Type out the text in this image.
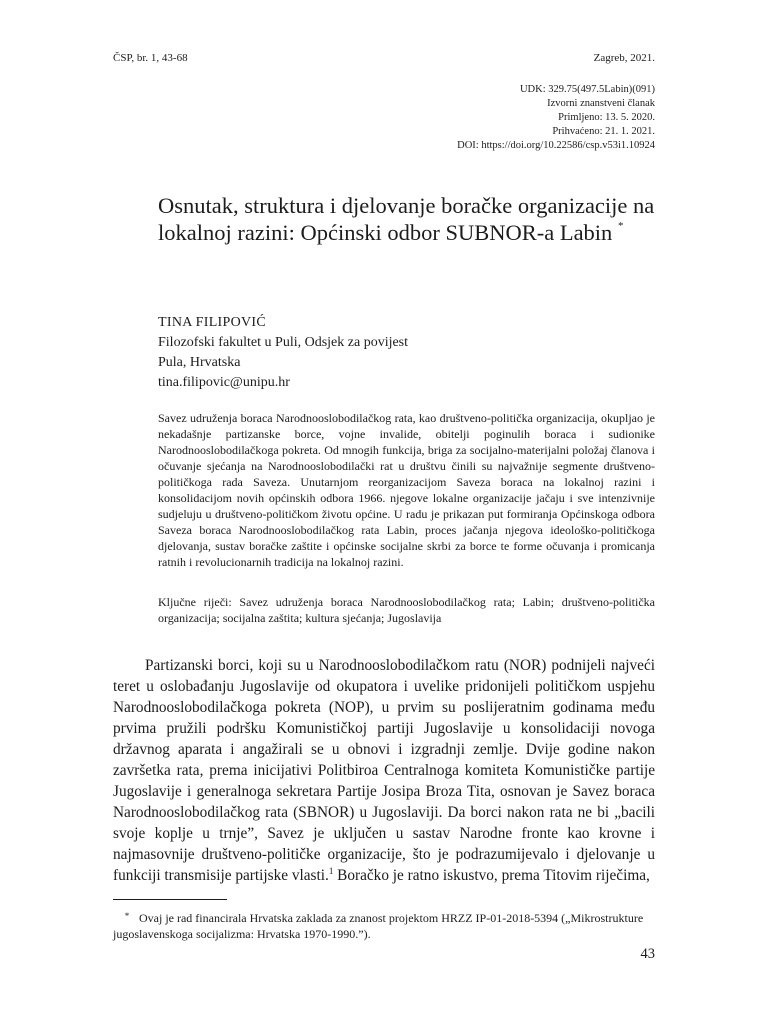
ČSP, br. 1, 43-68	Zagreb, 2021.
UDK: 329.75(497.5Labin)(091)
Izvorni znanstveni članak
Primljeno: 13. 5. 2020.
Prihvaćeno: 21. 1. 2021.
DOI: https://doi.org/10.22586/csp.v53i1.10924
Osnutak, struktura i djelovanje boračke organizacije na lokalnoj razini: Općinski odbor SUBNOR-a Labin *
TINA FILIPOVIĆ
Filozofski fakultet u Puli, Odsjek za povijest
Pula, Hrvatska
tina.filipovic@unipu.hr

Savez udruženja boraca Narodnooslobodilačkog rata, kao društveno-politička organizacija, okupljao je nekadašnje partizanske borce, vojne invalide, obitelji poginulih boraca i sudionike Narodnooslobodilačkoga pokreta. Od mnogih funkcija, briga za socijalno-materijalni položaj članova i očuvanje sjećanja na Narodnooslobodilački rat u društvu činili su najvažnije segmente društveno-političkoga rada Saveza. Unutarnjom reorganizacijom Saveza boraca na lokalnoj razini i konsolidacijom novih općinskih odbora 1966. njegove lokalne organizacije jačaju i sve intenzivnije sudjeluju u društveno-političkom životu općine. U radu je prikazan put formiranja Općinskoga odbora Saveza boraca Narodnooslobodilačkog rata Labin, proces jačanja njegova ideološko-političkoga djelovanja, sustav boračke zaštite i općinske socijalne skrbi za borce te forme očuvanja i promicanja ratnih i revolucionarnih tradicija na lokalnoj razini.

Ključne riječi: Savez udruženja boraca Narodnooslobodilačkog rata; Labin; društveno-politička organizacija; socijalna zaštita; kultura sjećanja; Jugoslavija

Partizanski borci, koji su u Narodnooslobodilačkom ratu (NOR) podnijeli najveći teret u oslobađanju Jugoslavije od okupatora i uvelike pridonijeli političkom uspjehu Narodnooslobodilačkoga pokreta (NOP), u prvim su poslijeratnim godinama među prvima pružili podršku Komunističkoj partiji Jugoslavije u konsolidaciji novoga državnog aparata i angažirali se u obnovi i izgradnji zemlje. Dvije godine nakon završetka rata, prema inicijativi Politbiroa Centralnoga komiteta Komunističke partije Jugoslavije i generalnoga sekretara Partije Josipa Broza Tita, osnovan je Savez boraca Narodnooslobodilačkog rata (SBNOR) u Jugoslaviji. Da borci nakon rata ne bi „bacili svoje koplje u trnje”, Savez je uključen u sastav Narodne fronte kao krovne i najmasovnije društveno-političke organizacije, što je podrazumijevalo i djelovanje u funkciji transmisije partijske vlasti.$^1$ Boračko je ratno iskustvo, prema Titovim riječima,

* Ovaj je rad financirala Hrvatska zaklada za znanost projektom HRZZ IP-01-2018-5394 („Mikrostrukture jugoslavenskoga socijalizma: Hrvatska 1970-1990.”).

43
